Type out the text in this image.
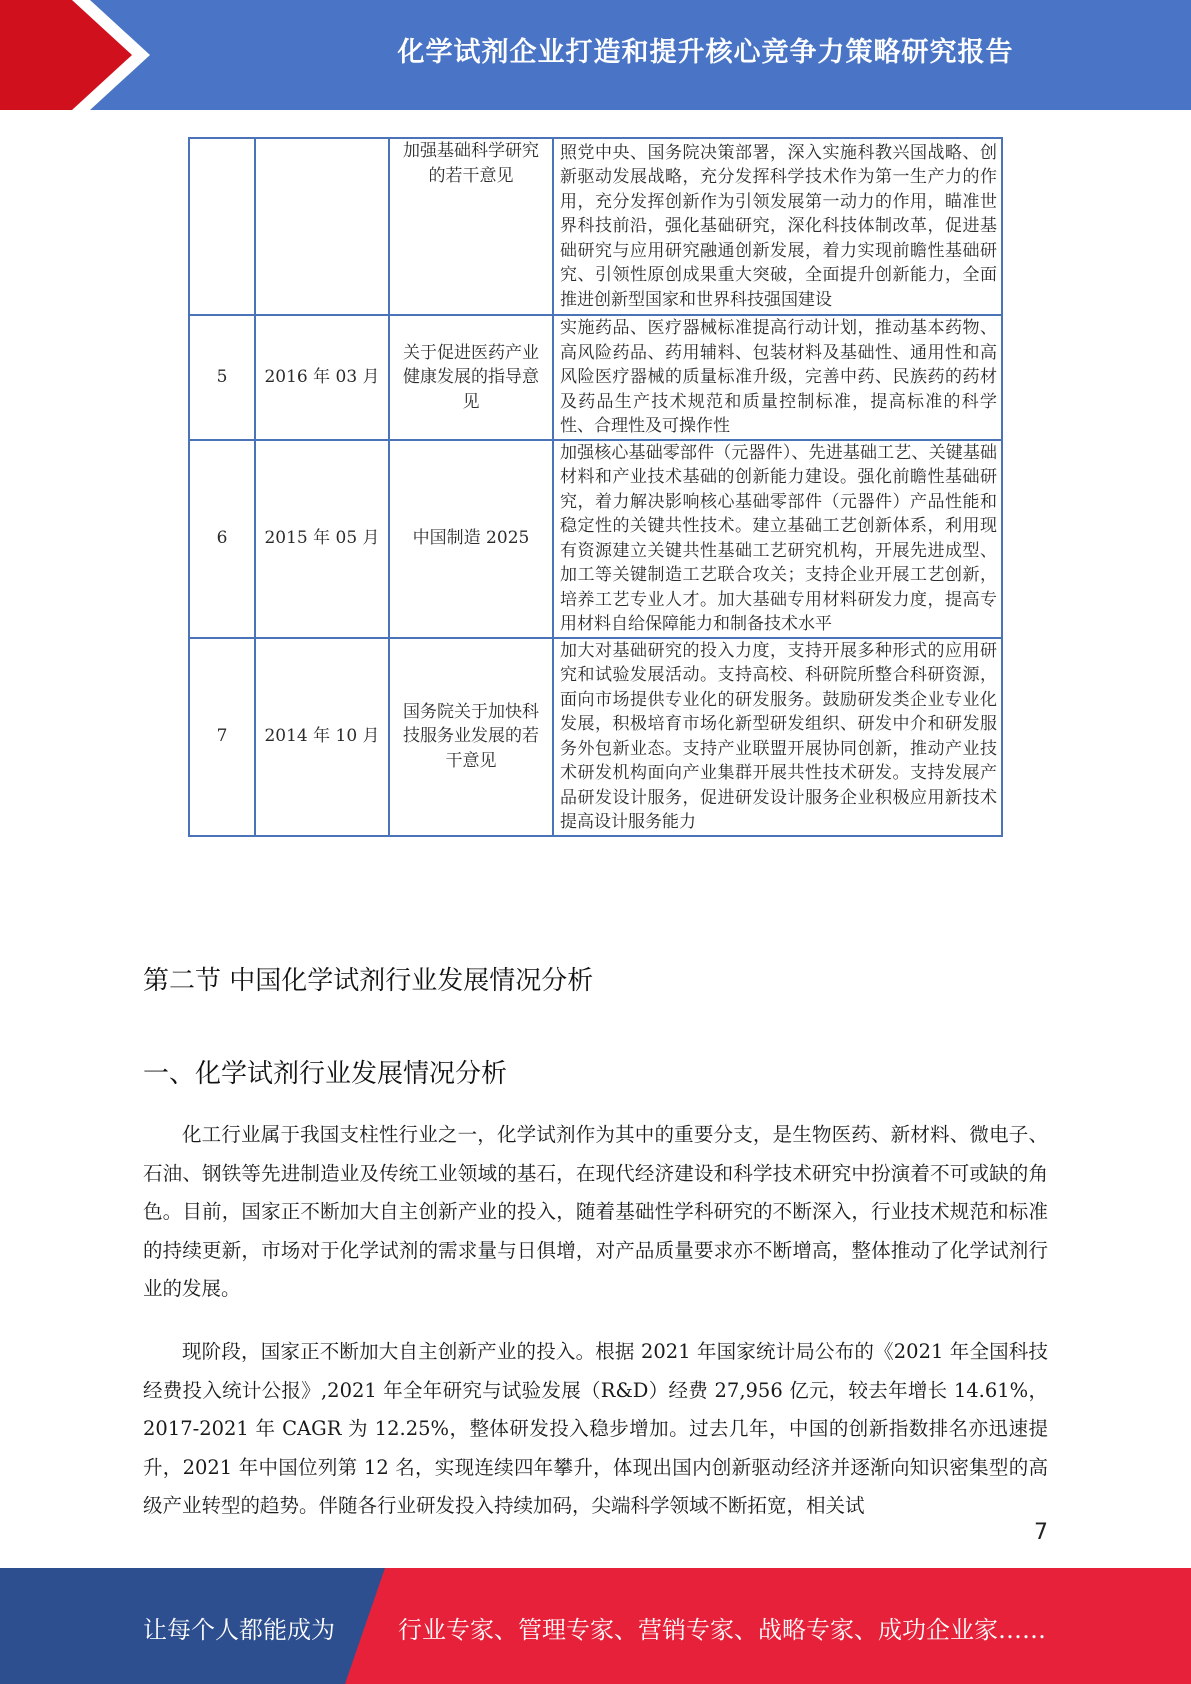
化学试剂企业打造和提升核心竞争力策略研究报告
		加强基础科学研究的若干意见	照党中央、国务院决策部署，深入实施科教兴国战略、创新驱动发展战略，充分发挥科学技术作为第一生产力的作用，充分发挥创新作为引领发展第一动力的作用，瞄准世界科技前沿，强化基础研究，深化科技体制改革，促进基础研究与应用研究融通创新发展，着力实现前瞻性基础研究、引领性原创成果重大突破，全面提升创新能力，全面推进创新型国家和世界科技强国建设
5	2016 年 03 月	关于促进医药产业健康发展的指导意见	实施药品、医疗器械标准提高行动计划，推动基本药物、高风险药品、药用辅料、包装材料及基础性、通用性和高风险医疗器械的质量标准升级，完善中药、民族药的药材及药品生产技术规范和质量控制标准，提高标准的科学性、合理性及可操作性
6	2015 年 05 月	中国制造 2025	加强核心基础零部件（元器件）、先进基础工艺、关键基础材料和产业技术基础的创新能力建设。强化前瞻性基础研究，着力解决影响核心基础零部件（元器件）产品性能和稳定性的关键共性技术。建立基础工艺创新体系，利用现有资源建立关键共性基础工艺研究机构，开展先进成型、加工等关键制造工艺联合攻关；支持企业开展工艺创新，培养工艺专业人才。加大基础专用材料研发力度，提高专用材料自给保障能力和制备技术水平
7	2014 年 10 月	国务院关于加快科技服务业发展的若干意见	加大对基础研究的投入力度，支持开展多种形式的应用研究和试验发展活动。支持高校、科研院所整合科研资源，面向市场提供专业化的研发服务。鼓励研发类企业专业化发展，积极培育市场化新型研发组织、研发中介和研发服务外包新业态。支持产业联盟开展协同创新，推动产业技术研发机构面向产业集群开展共性技术研发。支持发展产品研发设计服务，促进研发设计服务企业积极应用新技术提高设计服务能力
第二节 中国化学试剂行业发展情况分析
一、化学试剂行业发展情况分析

化工行业属于我国支柱性行业之一，化学试剂作为其中的重要分支，是生物医药、新材料、微电子、石油、钢铁等先进制造业及传统工业领域的基石，在现代经济建设和科学技术研究中扮演着不可或缺的角色。目前，国家正不断加大自主创新产业的投入，随着基础性学科研究的不断深入，行业技术规范和标准的持续更新，市场对于化学试剂的需求量与日俱增，对产品质量要求亦不断增高，整体推动了化学试剂行业的发展。

现阶段，国家正不断加大自主创新产业的投入。根据 2021 年国家统计局公布的《2021 年全国科技经费投入统计公报》,2021 年全年研究与试验发展（R&D）经费 27,956 亿元，较去年增长 14.61%，2017-2021 年 CAGR 为 12.25%，整体研发投入稳步增加。过去几年，中国的创新指数排名亦迅速提升，2021 年中国位列第 12 名，实现连续四年攀升，体现出国内创新驱动经济并逐渐向知识密集型的高级产业转型的趋势。伴随各行业研发投入持续加码，尖端科学领域不断拓宽，相关试

7
让每个人都能成为	行业专家、管理专家、营销专家、战略专家、成功企业家……
